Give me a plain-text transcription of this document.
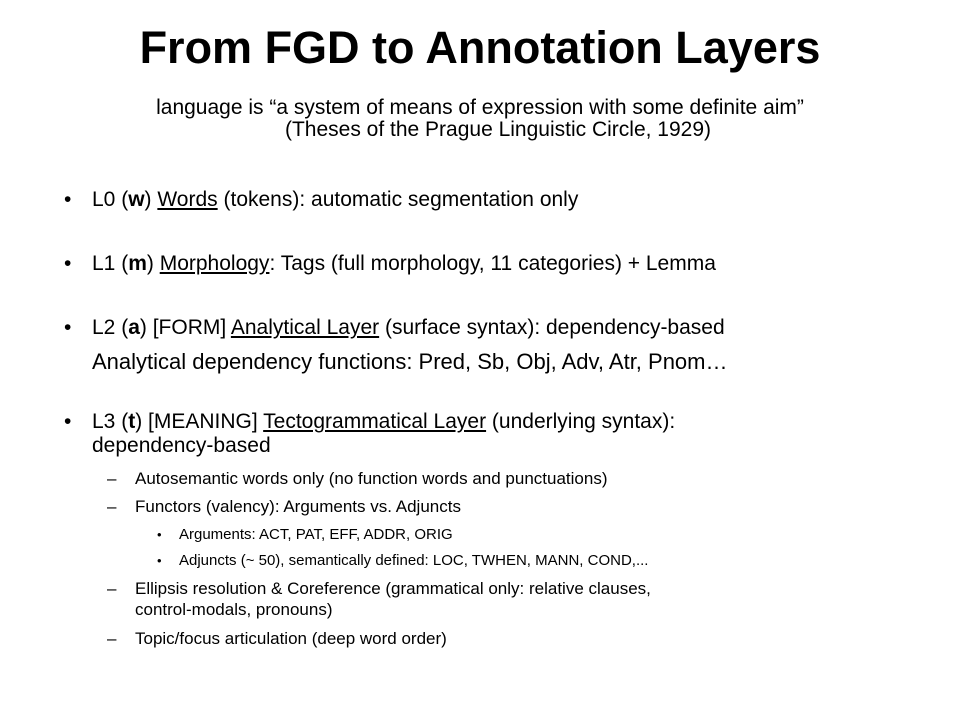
From FGD to Annotation Layers
language is “a system of means of expression with some definite aim”
(Theses of the Prague Linguistic Circle, 1929)
• L0 (w) Words (tokens): automatic segmentation only
• L1 (m) Morphology: Tags (full morphology, 11 categories) + Lemma
• L2 (a) [FORM] Analytical Layer (surface syntax): dependency-based
Analytical dependency functions: Pred, Sb, Obj, Adv, Atr, Pnom…
• L3 (t) [MEANING] Tectogrammatical Layer (underlying syntax):
dependency-based
– Autosemantic words only (no function words and punctuations)
– Functors (valency): Arguments vs. Adjuncts
• Arguments: ACT, PAT, EFF, ADDR, ORIG
• Adjuncts (~ 50), semantically defined: LOC, TWHEN, MANN, COND,...
– Ellipsis resolution & Coreference (grammatical only: relative clauses,
control-modals, pronouns)
– Topic/focus articulation (deep word order)
